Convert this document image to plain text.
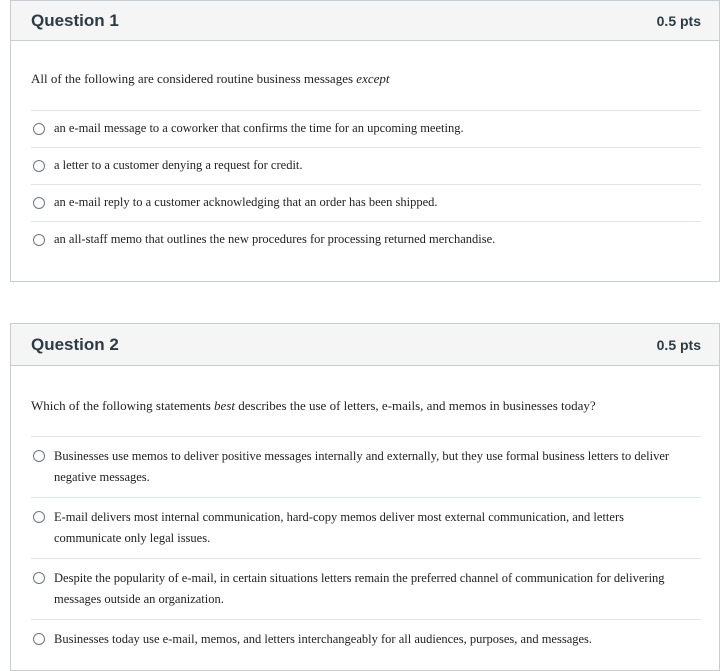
Question 1	0.5 pts

All of the following are considered routine business messages except

an e-mail message to a coworker that confirms the time for an upcoming meeting.
a letter to a customer denying a request for credit.
an e-mail reply to a customer acknowledging that an order has been shipped.
an all-staff memo that outlines the new procedures for processing returned merchandise.
Question 2	0.5 pts

Which of the following statements best describes the use of letters, e-mails, and memos in businesses today?

Businesses use memos to deliver positive messages internally and externally, but they use formal business letters to deliver negative messages.
E-mail delivers most internal communication, hard-copy memos deliver most external communication, and letters communicate only legal issues.
Despite the popularity of e-mail, in certain situations letters remain the preferred channel of communication for delivering messages outside an organization.
Businesses today use e-mail, memos, and letters interchangeably for all audiences, purposes, and messages.
